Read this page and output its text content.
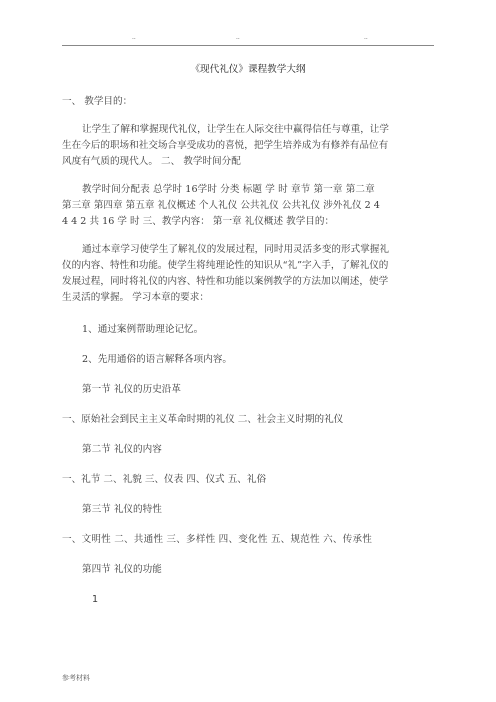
..	..	..
《现代礼仪》课程教学大纲
一、 教学目的：
让学生了解和掌握现代礼仪，让学生在人际交往中赢得信任与尊重，让学
生在今后的职场和社交场合享受成功的喜悦，把学生培养成为有修养有品位有
风度有气质的现代人。 二、 教学时间分配
教学时间分配表 总学时 16学时 分类 标题 学 时 章节 第一章 第二章
第三章 第四章 第五章 礼仪概述 个人礼仪 公共礼仪 公共礼仪 涉外礼仪 2 4
4 4 2 共 16 学 时 三、教学内容： 第一章 礼仪概述 教学目的：
通过本章学习使学生了解礼仪的发展过程，同时用灵活多变的形式掌握礼
仪的内容、特性和功能。使学生将纯理论性的知识从“礼”字入手，了解礼仪的
发展过程，同时将礼仪的内容、特性和功能以案例教学的方法加以阐述，使学
生灵活的掌握。 学习本章的要求：
1、通过案例帮助理论记忆。
2、先用通俗的语言解释各项内容。
第一节 礼仪的历史沿革
一、原始社会到民主主义革命时期的礼仪 二、社会主义时期的礼仪
第二节 礼仪的内容
一、礼节 二、礼貌 三、仪表 四、仪式 五、礼俗
第三节 礼仪的特性
一、文明性 二、共通性 三、多样性 四、变化性 五、规范性 六、传承性
第四节 礼仪的功能
1
参考材料
